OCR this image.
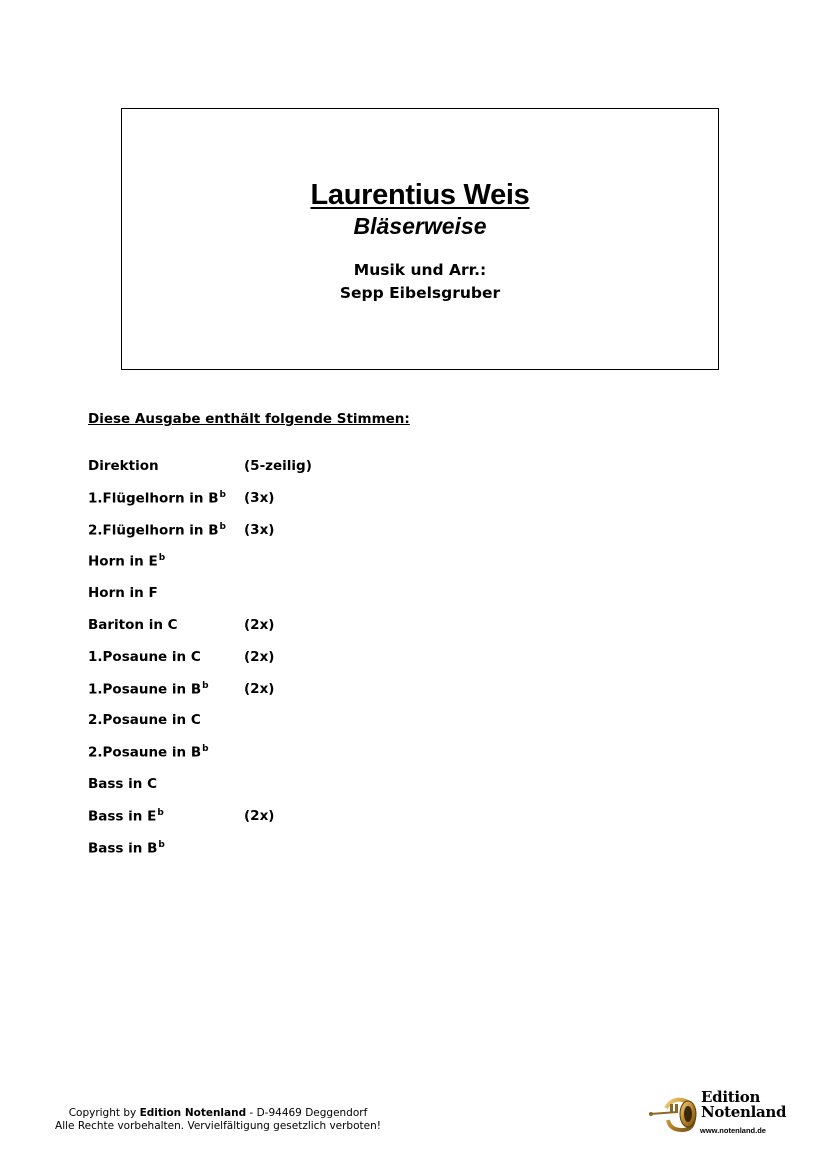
Laurentius Weis
Bläserweise
Musik und Arr.:
Sepp Eibelsgruber
Diese Ausgabe enthält folgende Stimmen:
Direktion	(5-zeilig)
1.Flügelhorn in $B^b$ (3x)
2.Flügelhorn in $B^b$ (3x)
Horn in $E^b$
Horn in F
Bariton in C	(2x)
1.Posaune in C	(2x)
1.Posaune in $B^b$	(2x)
2.Posaune in C
2.Posaune in $B^b$
Bass in C
Bass in $E^b$	(2x)
Bass in $B^b$
Copyright by Edition Notenland - D-94469 Deggendorf
Alle Rechte vorbehalten. Vervielfältigung gesetzlich verboten!
Edition
Notenland
www.notenland.de
